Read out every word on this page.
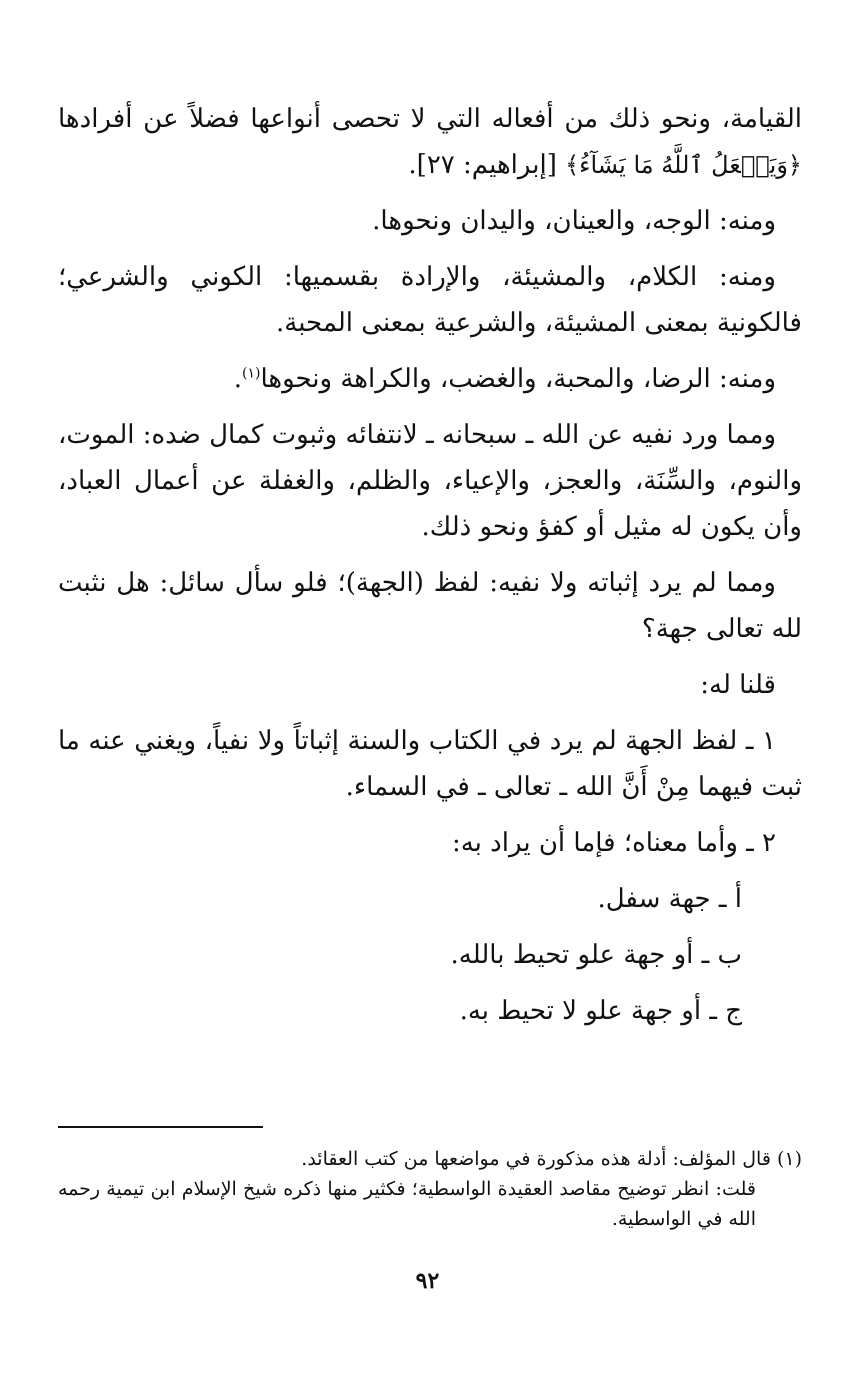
القيامة، ونحو ذلك من أفعاله التي لا تحصى أنواعها فضلاً عن أفرادها ﴿وَيَفۡعَلُ ٱللَّهُ مَا يَشَآءُ﴾ [إبراهيم: ٢٧].

ومنه: الوجه، والعينان، واليدان ونحوها.

ومنه: الكلام، والمشيئة، والإرادة بقسميها: الكوني والشرعي؛ فالكونية بمعنى المشيئة، والشرعية بمعنى المحبة.

ومنه: الرضا، والمحبة، والغضب، والكراهة ونحوها$^{(١)}$.

ومما ورد نفيه عن الله ـ سبحانه ـ لانتفائه وثبوت كمال ضده: الموت، والنوم، والسِّنَة، والعجز، والإعياء، والظلم، والغفلة عن أعمال العباد، وأن يكون له مثيل أو كفؤ ونحو ذلك.

ومما لم يرد إثباته ولا نفيه: لفظ (الجهة)؛ فلو سأل سائل: هل نثبت لله تعالى جهة؟

قلنا له:

١ ـ لفظ الجهة لم يرد في الكتاب والسنة إثباتاً ولا نفياً، ويغني عنه ما ثبت فيهما مِنْ أَنَّ الله ـ تعالى ـ في السماء.

٢ ـ وأما معناه؛ فإما أن يراد به:

أ ـ جهة سفل.

ب ـ أو جهة علو تحيط بالله.

ج ـ أو جهة علو لا تحيط به.

(١) قال المؤلف: أدلة هذه مذكورة في مواضعها من كتب العقائد.

قلت: انظر توضيح مقاصد العقيدة الواسطية؛ فكثير منها ذكره شيخ الإسلام ابن تيمية رحمه الله في الواسطية.

٩٢
